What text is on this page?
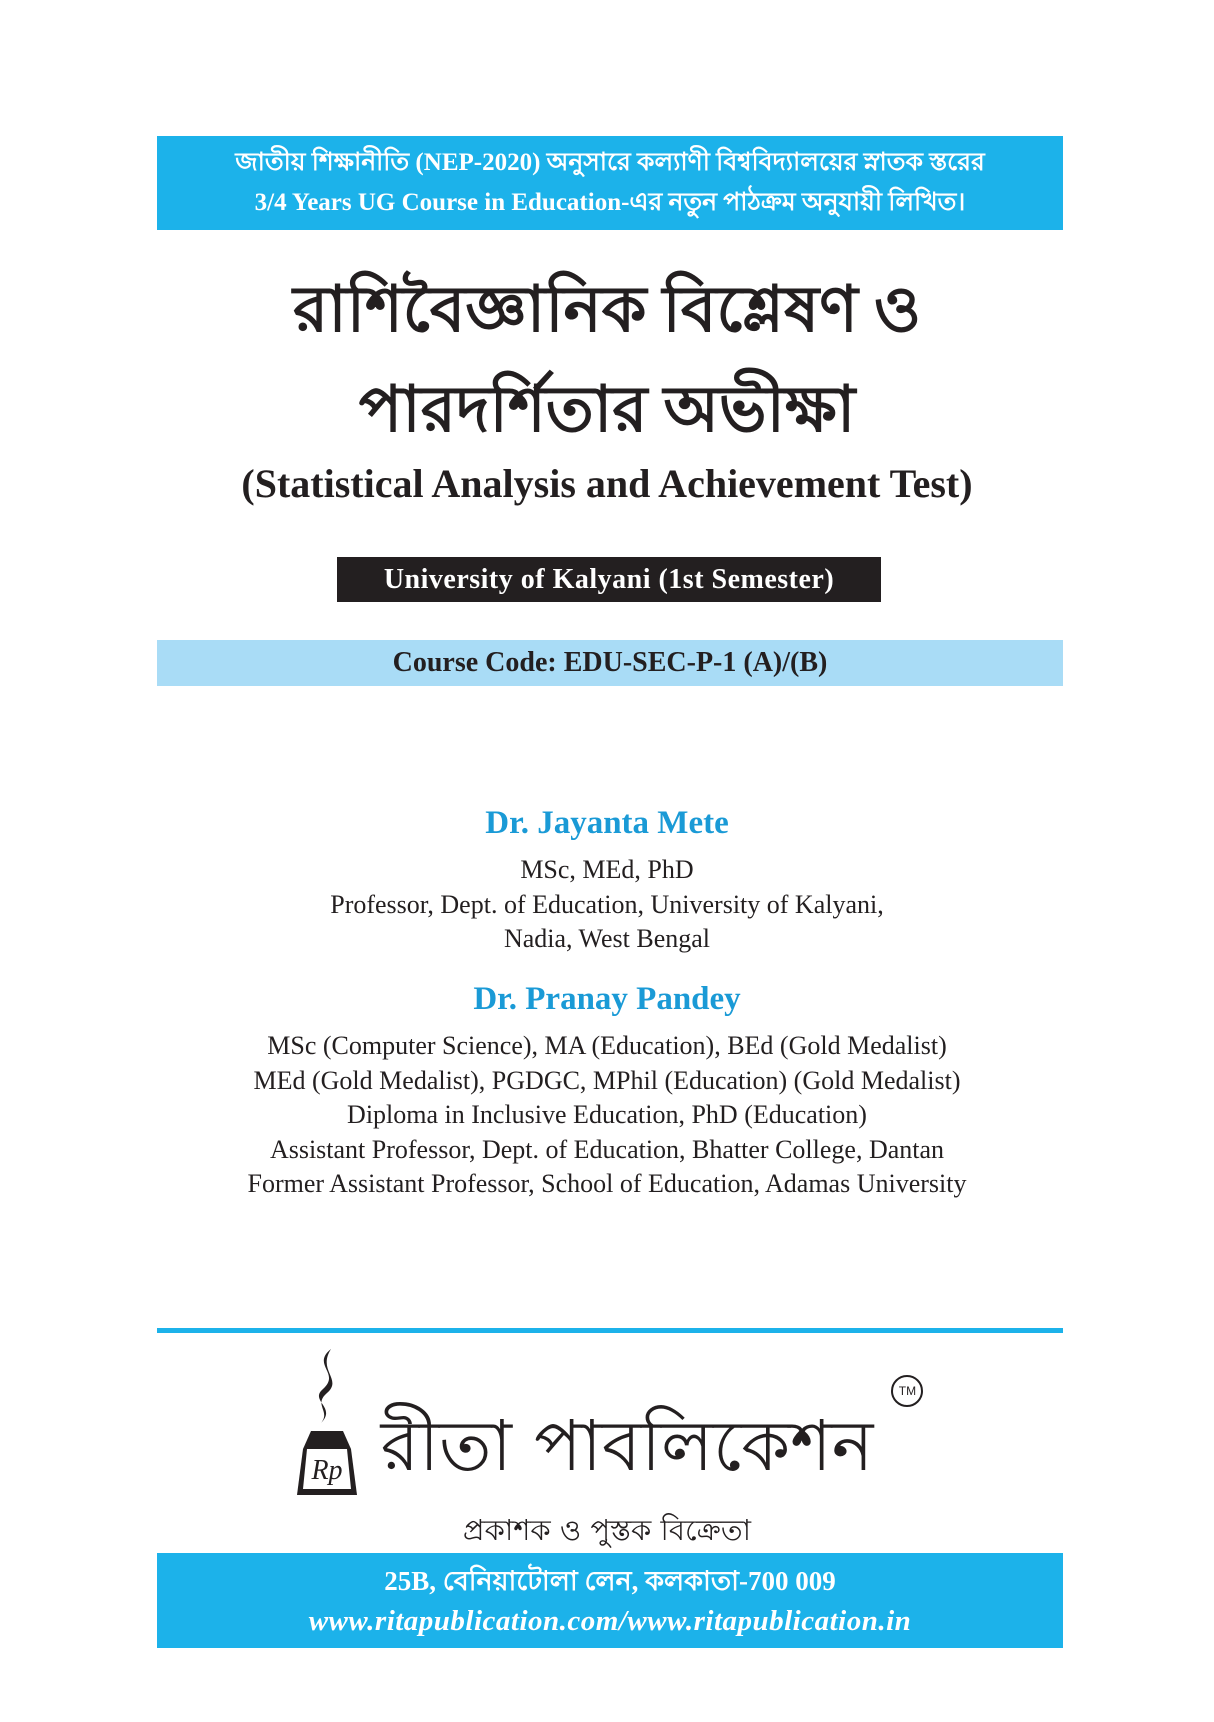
জাতীয় শিক্ষানীতি (NEP-2020) অনুসারে কল্যাণী বিশ্ববিদ্যালয়ের স্নাতক স্তরের
3/4 Years UG Course in Education-এর নতুন পাঠক্রম অনুযায়ী লিখিত।
রাশিবৈজ্ঞানিক বিশ্লেষণ ও
পারদর্শিতার অভীক্ষা
(Statistical Analysis and Achievement Test)
University of Kalyani (1st Semester)
Course Code: EDU-SEC-P-1 (A)/(B)
Dr. Jayanta Mete
MSc, MEd, PhD
Professor, Dept. of Education, University of Kalyani,
Nadia, West Bengal
Dr. Pranay Pandey
MSc (Computer Science), MA (Education), BEd (Gold Medalist)
MEd (Gold Medalist), PGDGC, MPhil (Education) (Gold Medalist)
Diploma in Inclusive Education, PhD (Education)
Assistant Professor, Dept. of Education, Bhatter College, Dantan
Former Assistant Professor, School of Education, Adamas University
Rp রীতা পাবলিকেশন
TM
প্রকাশক ও পুস্তক বিক্রেতা
25B, বেনিয়াটোলা লেন, কলকাতা-700 009
www.ritapublication.com/www.ritapublication.in
